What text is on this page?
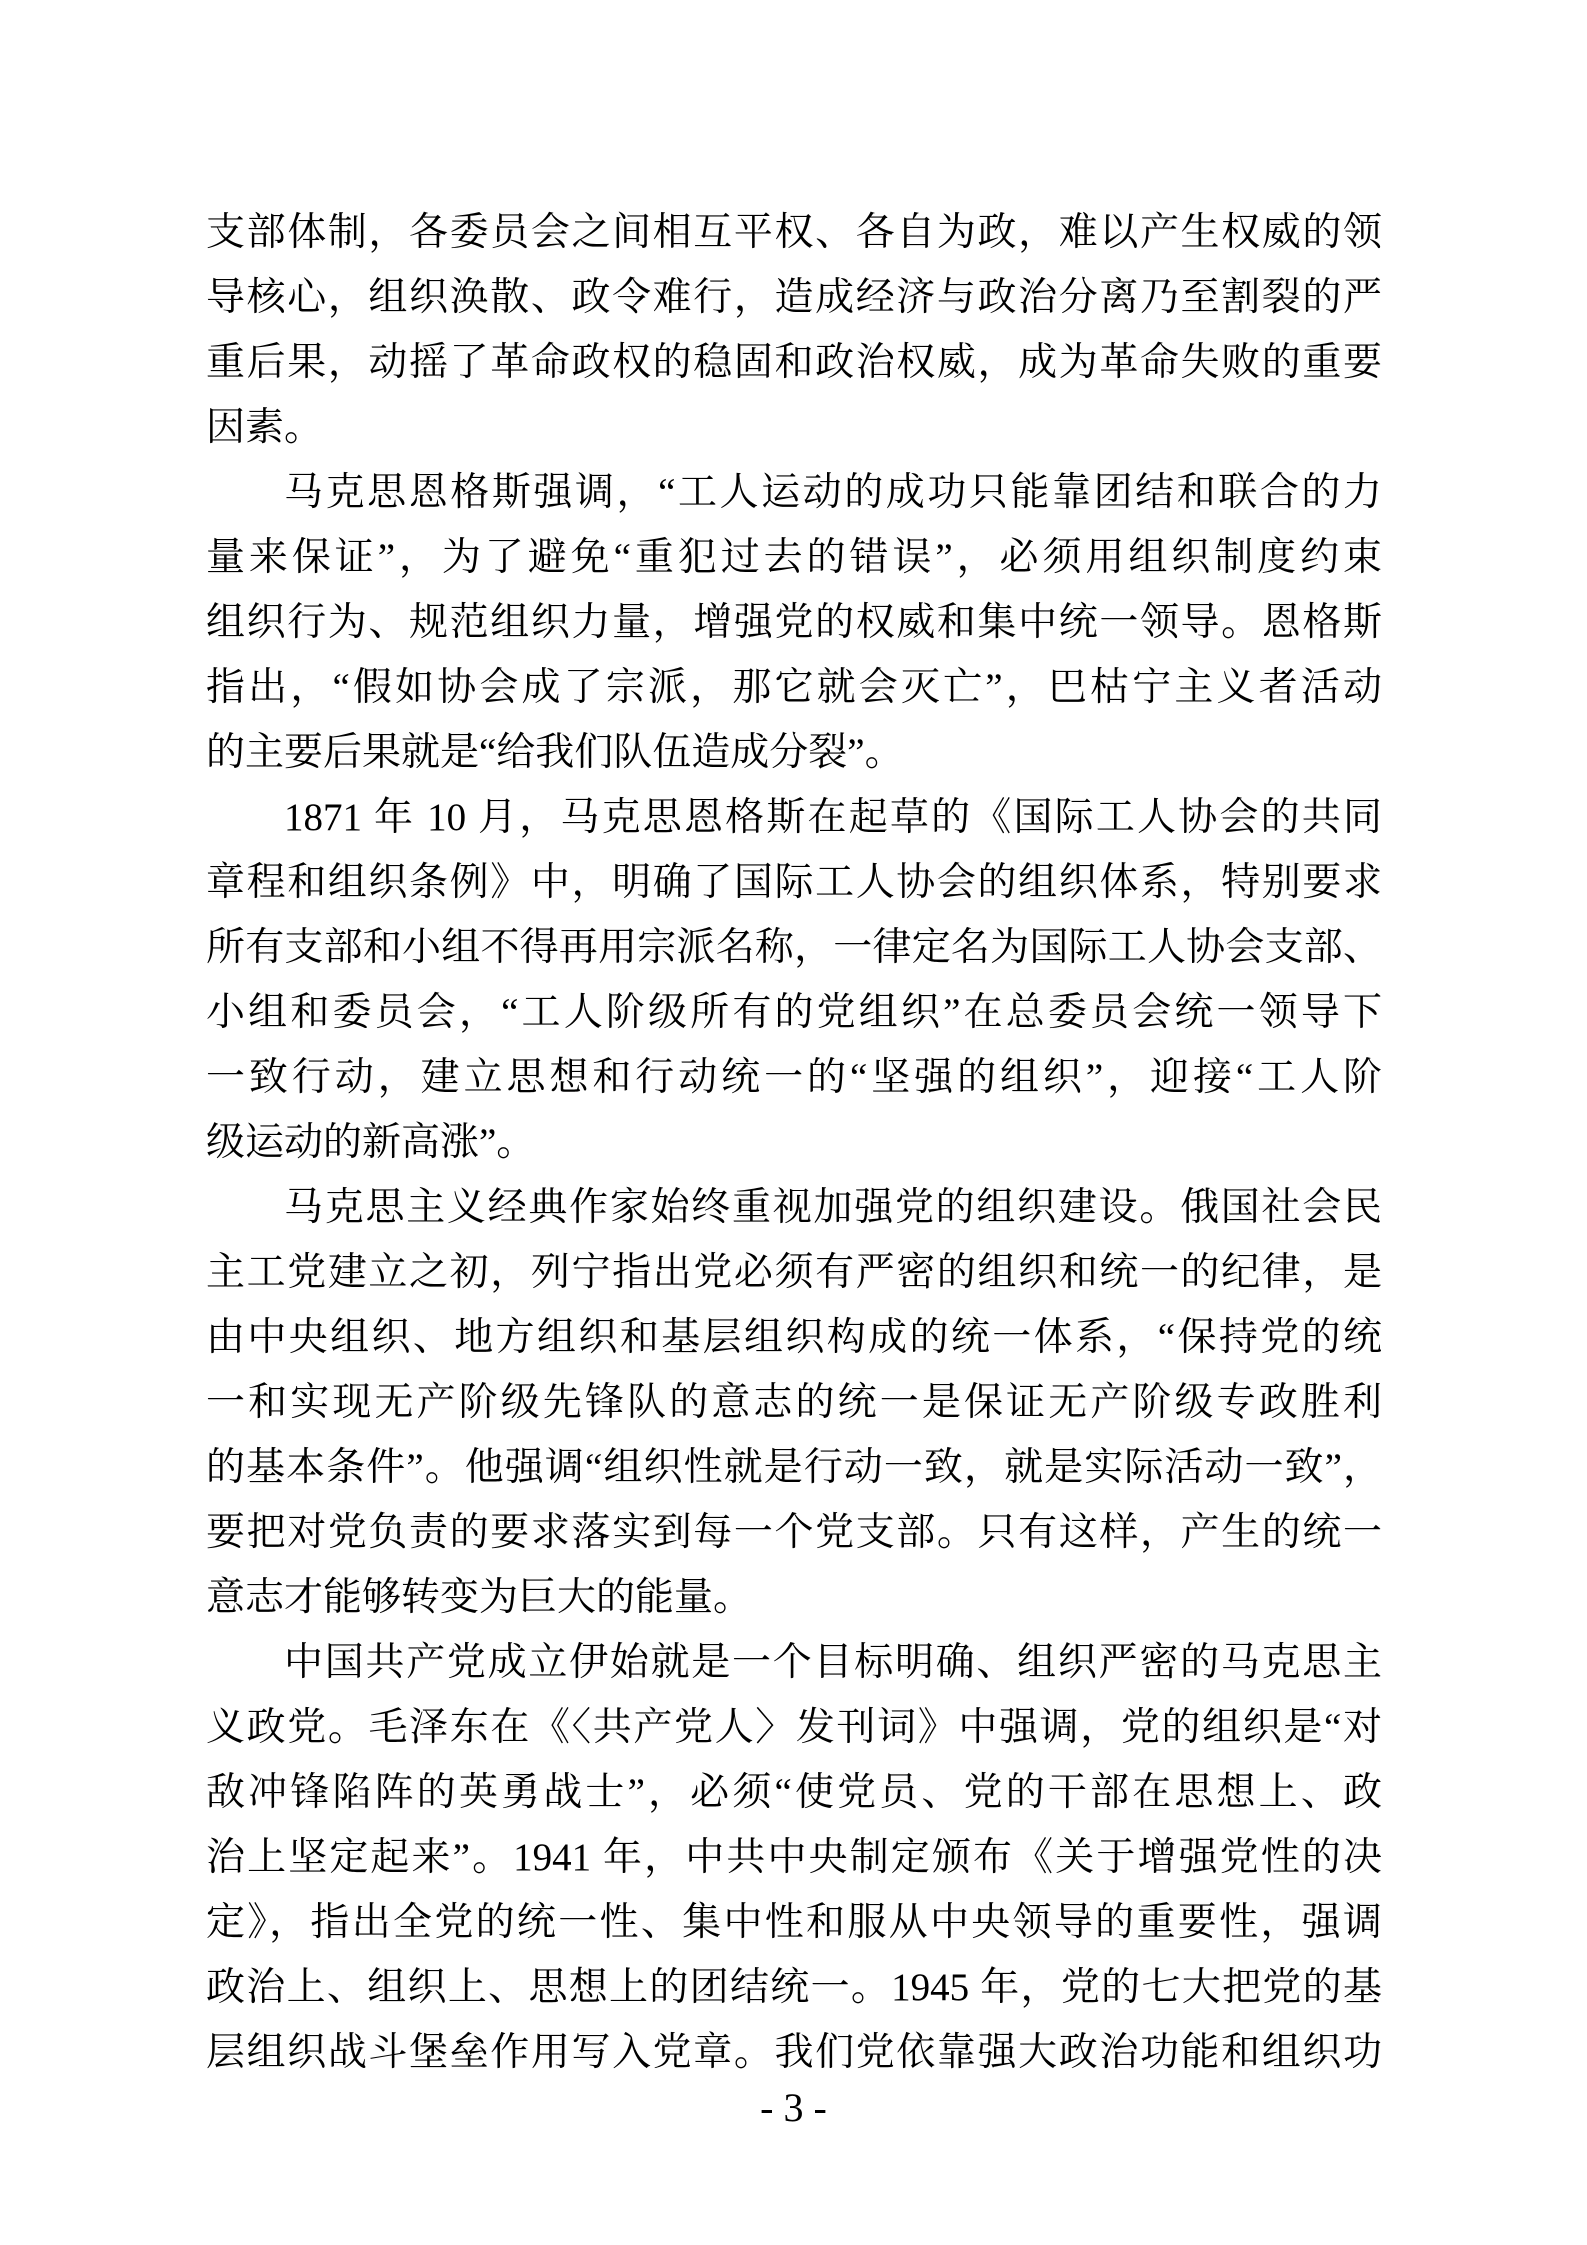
支部体制，各委员会之间相互平权、各自为政，难以产生权威的领
导核心，组织涣散、政令难行，造成经济与政治分离乃至割裂的严
重后果，动摇了革命政权的稳固和政治权威，成为革命失败的重要
因素。
马克思恩格斯强调，“工人运动的成功只能靠团结和联合的力
量来保证”，为了避免“重犯过去的错误”，必须用组织制度约束
组织行为、规范组织力量，增强党的权威和集中统一领导。恩格斯
指出，“假如协会成了宗派，那它就会灭亡”，巴枯宁主义者活动
的主要后果就是“给我们队伍造成分裂”。
1871 年 10 月，马克思恩格斯在起草的《国际工人协会的共同
章程和组织条例》中，明确了国际工人协会的组织体系，特别要求
所有支部和小组不得再用宗派名称，一律定名为国际工人协会支部、
小组和委员会，“工人阶级所有的党组织”在总委员会统一领导下
一致行动，建立思想和行动统一的“坚强的组织”，迎接“工人阶
级运动的新高涨”。
马克思主义经典作家始终重视加强党的组织建设。俄国社会民
主工党建立之初，列宁指出党必须有严密的组织和统一的纪律，是
由中央组织、地方组织和基层组织构成的统一体系，“保持党的统
一和实现无产阶级先锋队的意志的统一是保证无产阶级专政胜利
的基本条件”。他强调“组织性就是行动一致，就是实际活动一致”，
要把对党负责的要求落实到每一个党支部。只有这样，产生的统一
意志才能够转变为巨大的能量。
中国共产党成立伊始就是一个目标明确、组织严密的马克思主
义政党。毛泽东在《〈共产党人〉发刊词》中强调，党的组织是“对
敌冲锋陷阵的英勇战士”，必须“使党员、党的干部在思想上、政
治上坚定起来”。1941 年，中共中央制定颁布《关于增强党性的决
定》，指出全党的统一性、集中性和服从中央领导的重要性，强调
政治上、组织上、思想上的团结统一。1945 年，党的七大把党的基
层组织战斗堡垒作用写入党章。我们党依靠强大政治功能和组织功
- 3 -
